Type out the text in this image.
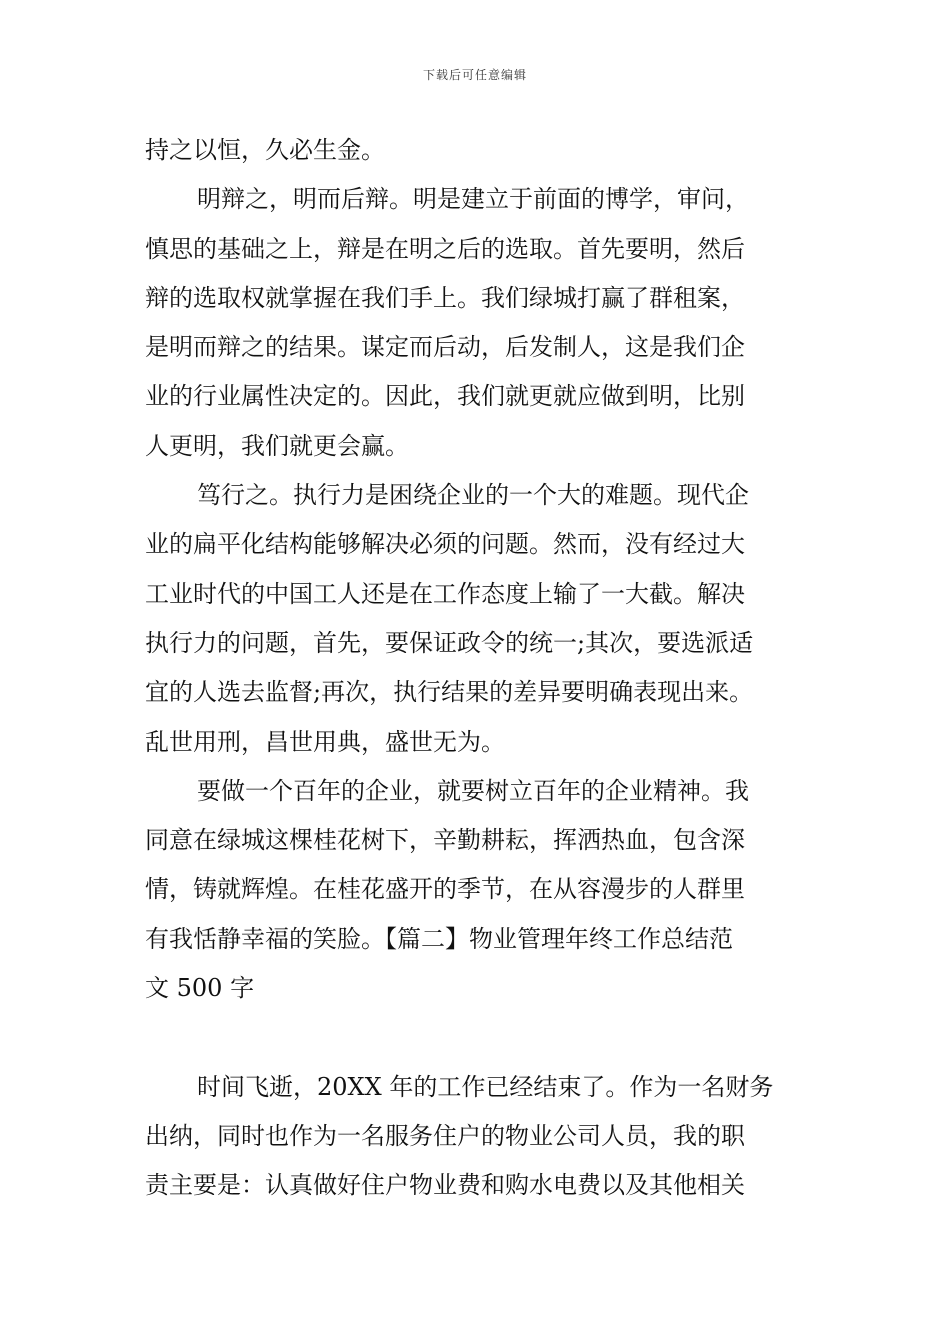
下载后可任意编辑
持之以恒，久必生金。
明辩之，明而后辩。明是建立于前面的博学，审问，
慎思的基础之上，辩是在明之后的选取。首先要明，然后
辩的选取权就掌握在我们手上。我们绿城打赢了群租案，
是明而辩之的结果。谋定而后动，后发制人，这是我们企
业的行业属性决定的。因此，我们就更就应做到明，比别
人更明，我们就更会赢。
笃行之。执行力是困绕企业的一个大的难题。现代企
业的扁平化结构能够解决必须的问题。然而，没有经过大
工业时代的中国工人还是在工作态度上输了一大截。解决
执行力的问题，首先，要保证政令的统一;其次，要选派适
宜的人选去监督;再次，执行结果的差异要明确表现出来。
乱世用刑，昌世用典，盛世无为。
要做一个百年的企业，就要树立百年的企业精神。我
同意在绿城这棵桂花树下，辛勤耕耘，挥洒热血，包含深
情，铸就辉煌。在桂花盛开的季节，在从容漫步的人群里
有我恬静幸福的笑脸。【篇二】物业管理年终工作总结范
文 500 字
时间飞逝，20XX 年的工作已经结束了。作为一名财务
出纳，同时也作为一名服务住户的物业公司人员，我的职
责主要是：认真做好住户物业费和购水电费以及其他相关
